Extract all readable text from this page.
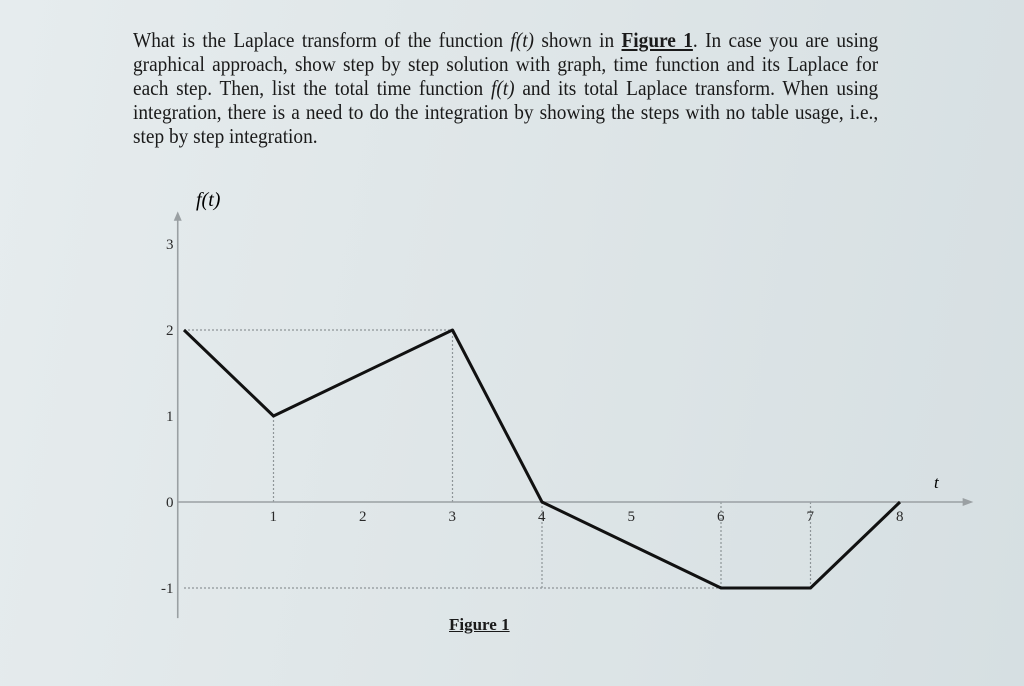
What is the Laplace transform of the function f(t) shown in Figure 1. In case you are using graphical approach, show step by step solution with graph, time function and its Laplace for each step. Then, list the total time function f(t) and its total Laplace transform. When using integration, there is a need to do the integration by showing the steps with no table usage, i.e., step by step integration.
1	2	3	4	5	6	7	8
3
2
1
0
-1
f(t)
t
Figure 1
